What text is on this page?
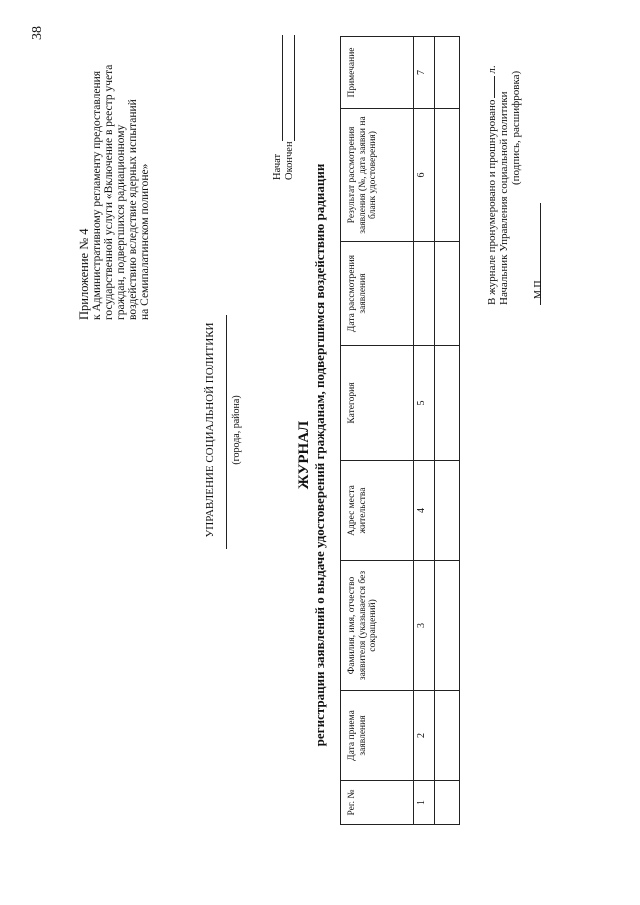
38
Приложение № 4 к Административному регламенту предоставления государственной услуги «Включение в реестр учета граждан, подвергшихся радиационному воздействию вследствие ядерных испытаний на Семипалатинском полигоне»
УПРАВЛЕНИЕ СОЦИАЛЬНОЙ ПОЛИТИКИ (города, района)
Начат Окончен
ЖУРНАЛ регистрации заявлений о выдаче удостоверений гражданам, подвергшимся воздействию радиации
Рег. №	Дата приема заявления	Фамилия, имя, отчество заявителя (указывается без сокращений)	Адрес места жительства	Категория	Дата рассмотрения заявления	Результат рассмотрения заявления (№, дата заявки на бланк удостоверения)	Примечание
1	2	3	4	5		6	7

В журнале пронумеровано и прошнурованол.
Начальник Управления социальной политики (подпись, расшифровка)
М.П
